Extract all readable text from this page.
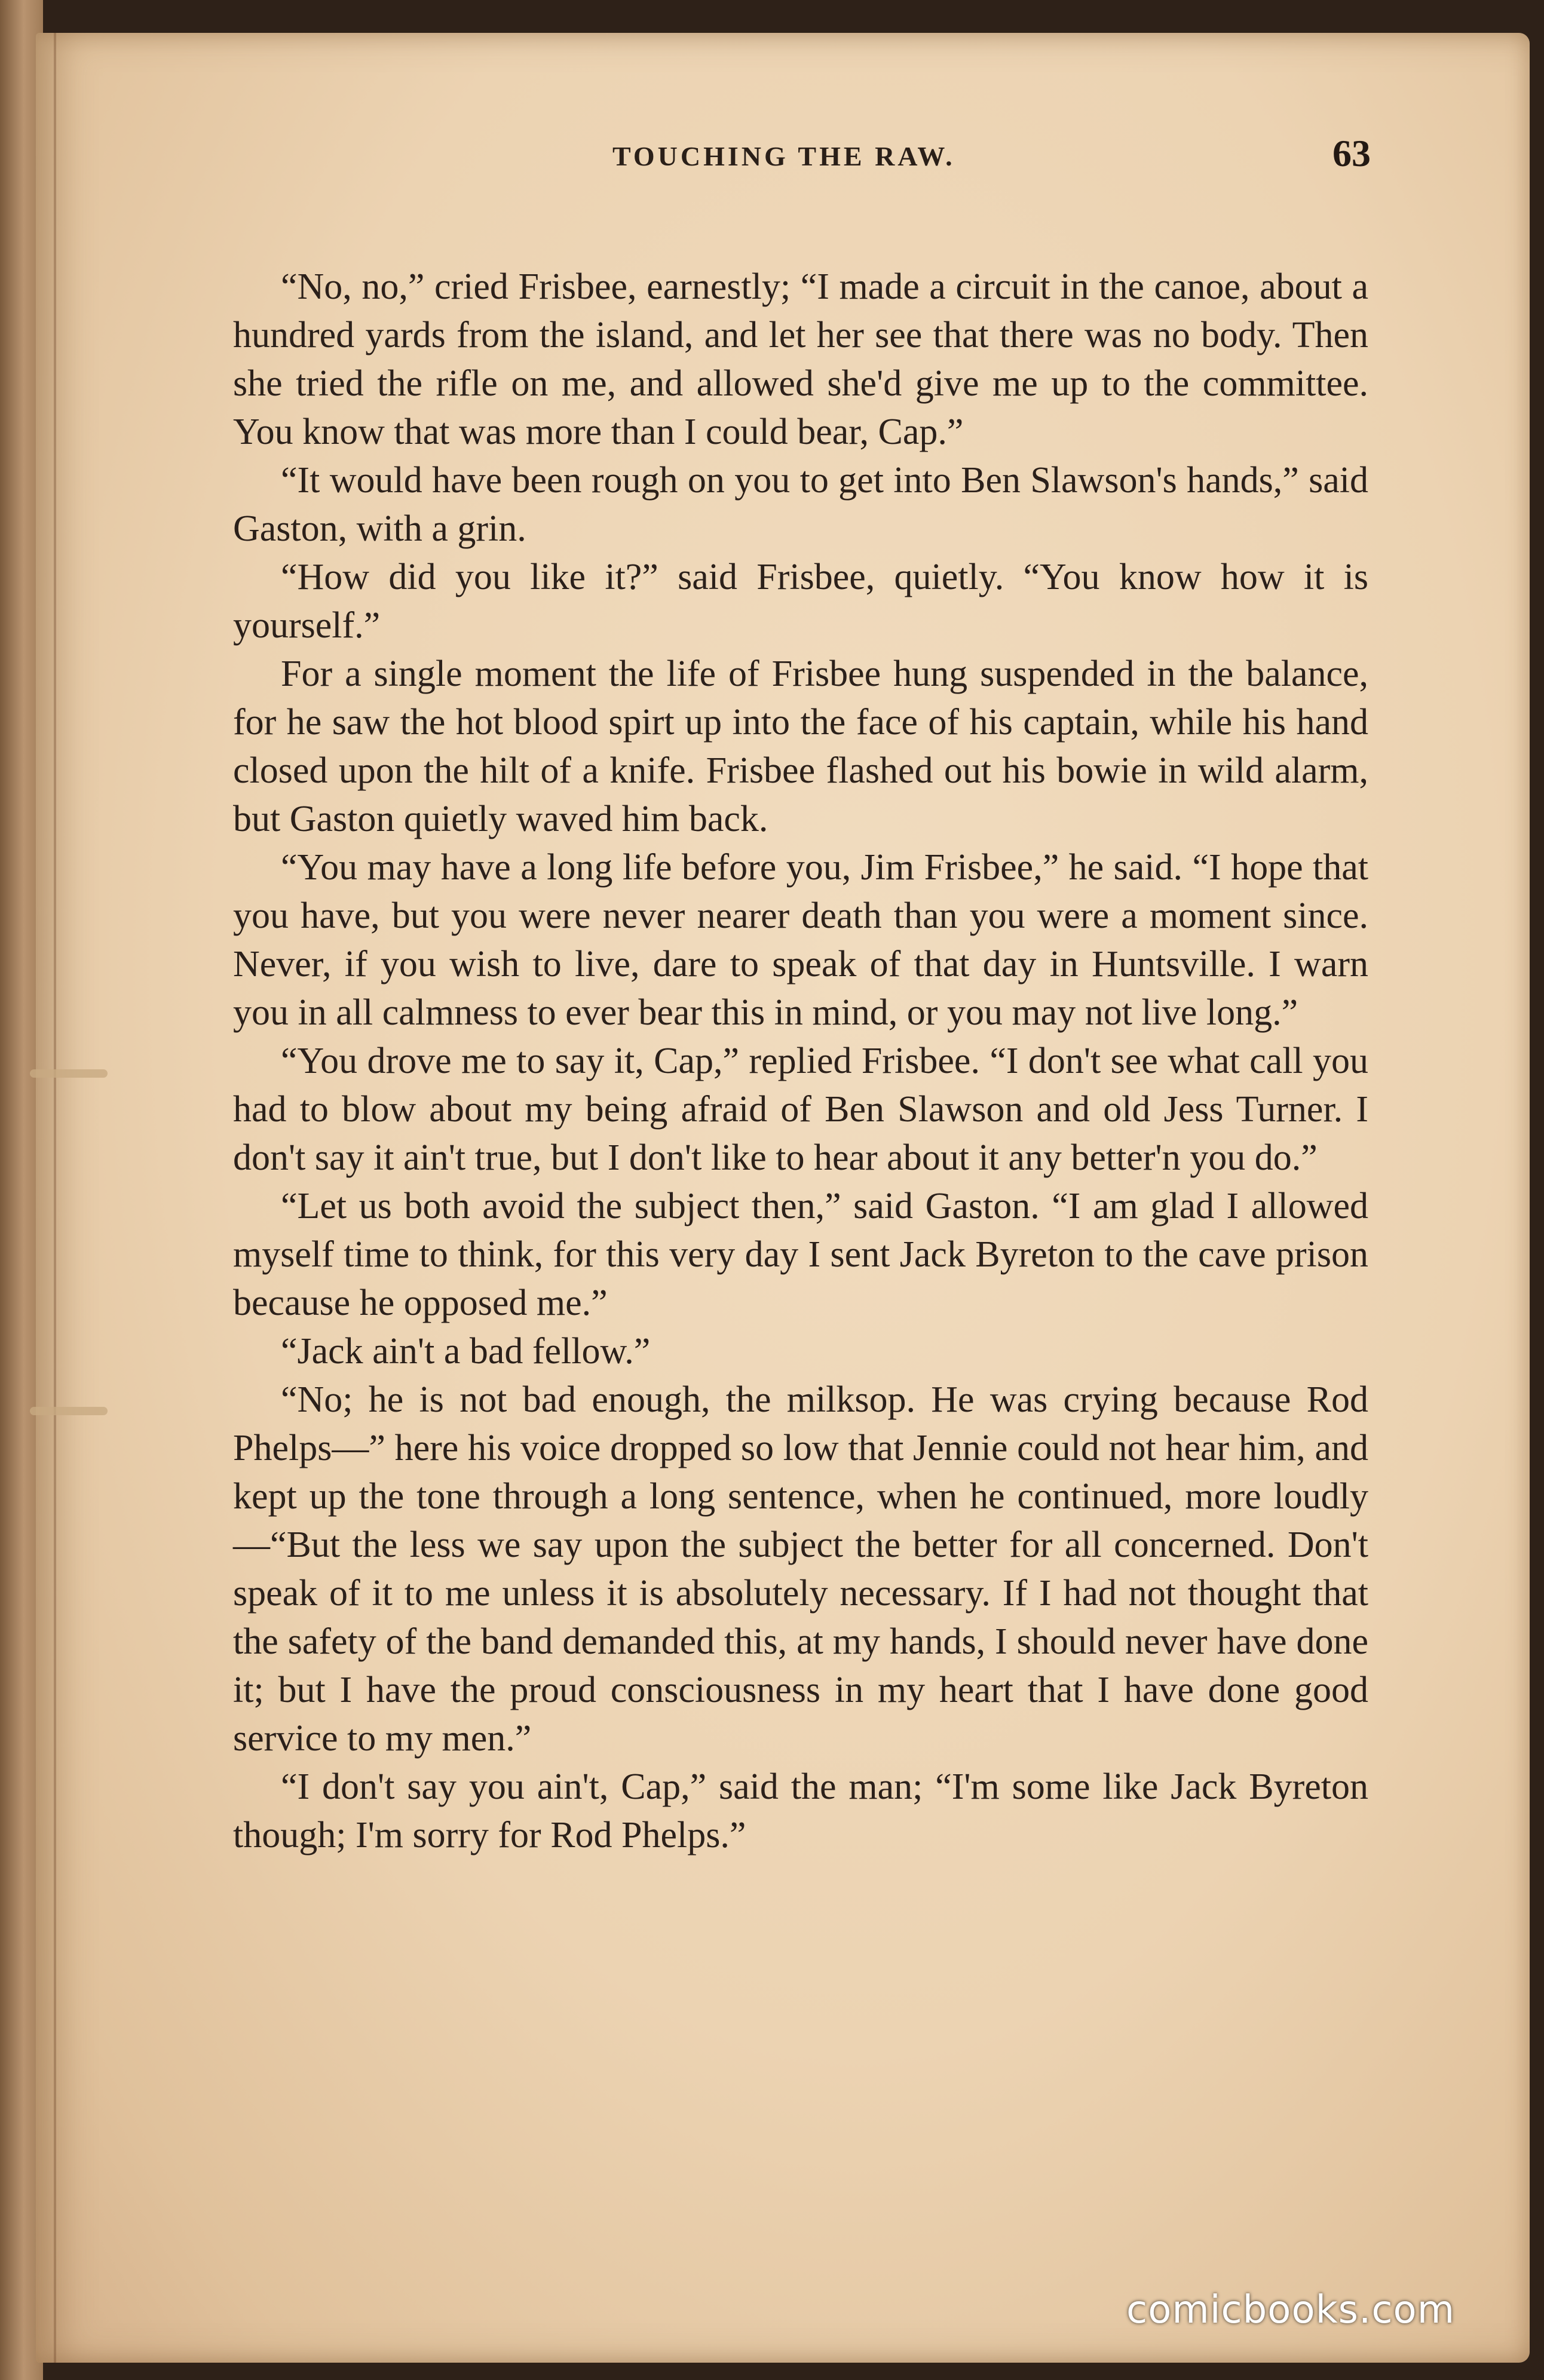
TOUCHING THE RAW.	63

“No, no,” cried Frisbee, earnestly; “I made a circuit in the canoe, about a hundred yards from the island, and let her see that there was no body. Then she tried the rifle on me, and allowed she'd give me up to the committee. You know that was more than I could bear, Cap.”

“It would have been rough on you to get into Ben Slawson's hands,” said Gaston, with a grin.

“How did you like it?” said Frisbee, quietly. “You know how it is yourself.”

For a single moment the life of Frisbee hung suspended in the balance, for he saw the hot blood spirt up into the face of his captain, while his hand closed upon the hilt of a knife. Frisbee flashed out his bowie in wild alarm, but Gaston quietly waved him back.

“You may have a long life before you, Jim Frisbee,” he said. “I hope that you have, but you were never nearer death than you were a moment since. Never, if you wish to live, dare to speak of that day in Huntsville. I warn you in all calmness to ever bear this in mind, or you may not live long.”

“You drove me to say it, Cap,” replied Frisbee. “I don't see what call you had to blow about my being afraid of Ben Slawson and old Jess Turner. I don't say it ain't true, but I don't like to hear about it any better'n you do.”

“Let us both avoid the subject then,” said Gaston. “I am glad I allowed myself time to think, for this very day I sent Jack Byreton to the cave prison because he opposed me.”

“Jack ain't a bad fellow.”

“No; he is not bad enough, the milksop. He was crying because Rod Phelps—” here his voice dropped so low that Jennie could not hear him, and kept up the tone through a long sentence, when he continued, more loudly—“But the less we say upon the subject the better for all concerned. Don't speak of it to me unless it is absolutely necessary. If I had not thought that the safety of the band demanded this, at my hands, I should never have done it; but I have the proud consciousness in my heart that I have done good service to my men.”

“I don't say you ain't, Cap,” said the man; “I'm some like Jack Byreton though; I'm sorry for Rod Phelps.”

comicbooks.com
